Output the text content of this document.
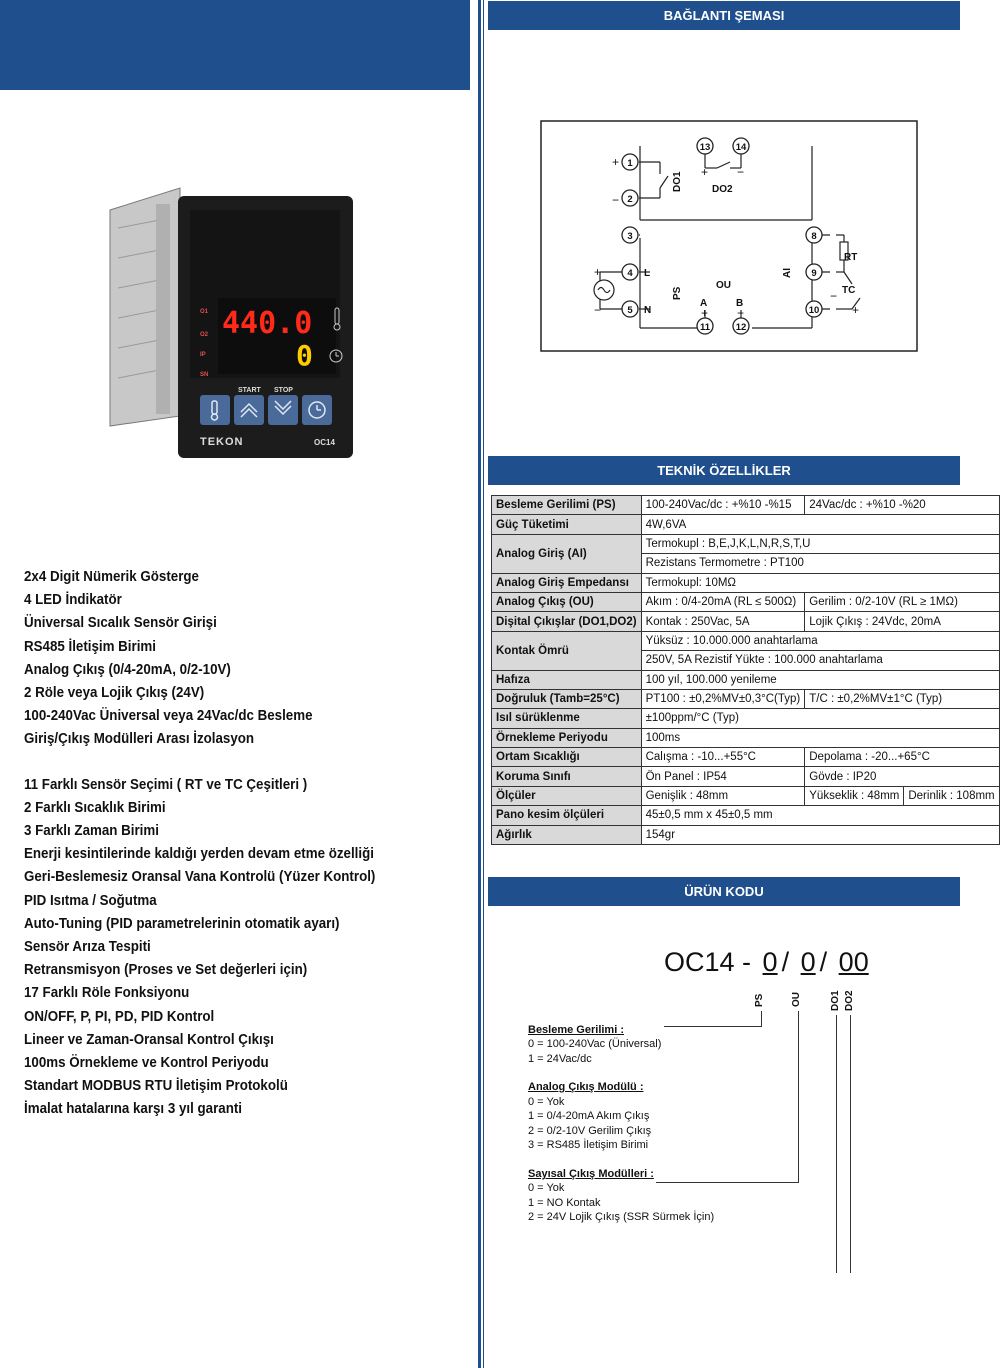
BAĞLANTI ŞEMASI
TEKNİK ÖZELLİKLER
ÜRÜN KODU
O1
O2
IP
SN
440.0
0
START STOP
TEKON	OC14
2x4 Digit Nümerik Gösterge
4 LED İndikatör
Üniversal Sıcalık Sensör Girişi
RS485 İletişim Birimi
Analog Çıkış (0/4-20mA, 0/2-10V)
2 Röle veya Lojik Çıkış (24V)
100-240Vac Üniversal veya 24Vac/dc Besleme
Giriş/Çıkış Modülleri Arası İzolasyon
11 Farklı Sensör Seçimi ( RT ve TC Çeşitleri )
2 Farklı Sıcaklık Birimi
3 Farklı Zaman Birimi
Enerji kesintilerinde kaldığı yerden devam etme özelliği
Geri-Beslemesiz Oransal Vana Kontrolü (Yüzer Kontrol)
PID Isıtma / Soğutma
Auto-Tuning (PID parametrelerinin otomatik ayarı)
Sensör Arıza Tespiti
Retransmisyon (Proses ve Set değerleri için)
17 Farklı Röle Fonksiyonu
ON/OFF, P, PI, PD, PID Kontrol
Lineer ve Zaman-Oransal Kontrol Çıkışı
100ms Örnekleme ve Kontrol Periyodu
Standart MODBUS RTU İletişim Protokolü
İmalat hatalarına karşı 3 yıl garanti
1
2
3
4
5
8
9
10
11	12
13	14
DO1	DO2
PS
OU
AI
RT
TC
L
N
A	B
+
−
+
−
+ −
+ −
−
+
Besleme Gerilimi (PS)	100-240Vac/dc : +%10 -%15	24Vac/dc : +%10 -%20	
Güç Tüketimi	4W,6VA		
Analog Giriş (AI)	Termokupl : B,E,J,K,L,N,R,S,T,U		
	Rezistans Termometre : PT100		
Analog Giriş Empedansı	Termokupl: 10MΩ		
Analog Çıkış (OU)	Akım : 0/4-20mA (RL ≤ 500Ω)	Gerilim : 0/2-10V (RL ≥ 1MΩ)	
Dişital Çıkışlar (DO1,DO2)	Kontak : 250Vac, 5A	Lojik Çıkış : 24Vdc, 20mA	
Kontak Ömrü	Yüksüz : 10.000.000 anahtarlama		
	250V, 5A Rezistif Yükte : 100.000 anahtarlama		
Hafıza	100 yıl, 100.000 yenileme		
Doğruluk (Tamb=25°C)	PT100 : ±0,2%MV±0,3°C(Typ)	T/C : ±0,2%MV±1°C (Typ)	
Isıl sürüklenme	±100ppm/°C (Typ)		
Örnekleme Periyodu	100ms		
Ortam Sıcaklığı	Calışma : -10...+55°C	Depolama : -20...+65°C	
Koruma Sınıfı	Ön Panel : IP54	Gövde : IP20	
Ölçüler	Genişlik : 48mm	Yükseklik : 48mm	Derinlik : 108mm
Pano kesim ölçüleri	45±0,5 mm x 45±0,5 mm		
Ağırlık	154gr		
OC14 - 0 / 0 / 00
PS	OU	DO1 DO2
Besleme Gerilimi :
0 = 100-240Vac (Üniversal)
1 = 24Vac/dc
Analog Çıkış Modülü :
0 = Yok
1 = 0/4-20mA Akım Çıkış
2 = 0/2-10V Gerilim Çıkış
3 = RS485 İletişim Birimi
Sayısal Çıkış Modülleri :
0 = Yok
1 = NO Kontak
2 = 24V Lojik Çıkış (SSR Sürmek İçin)
